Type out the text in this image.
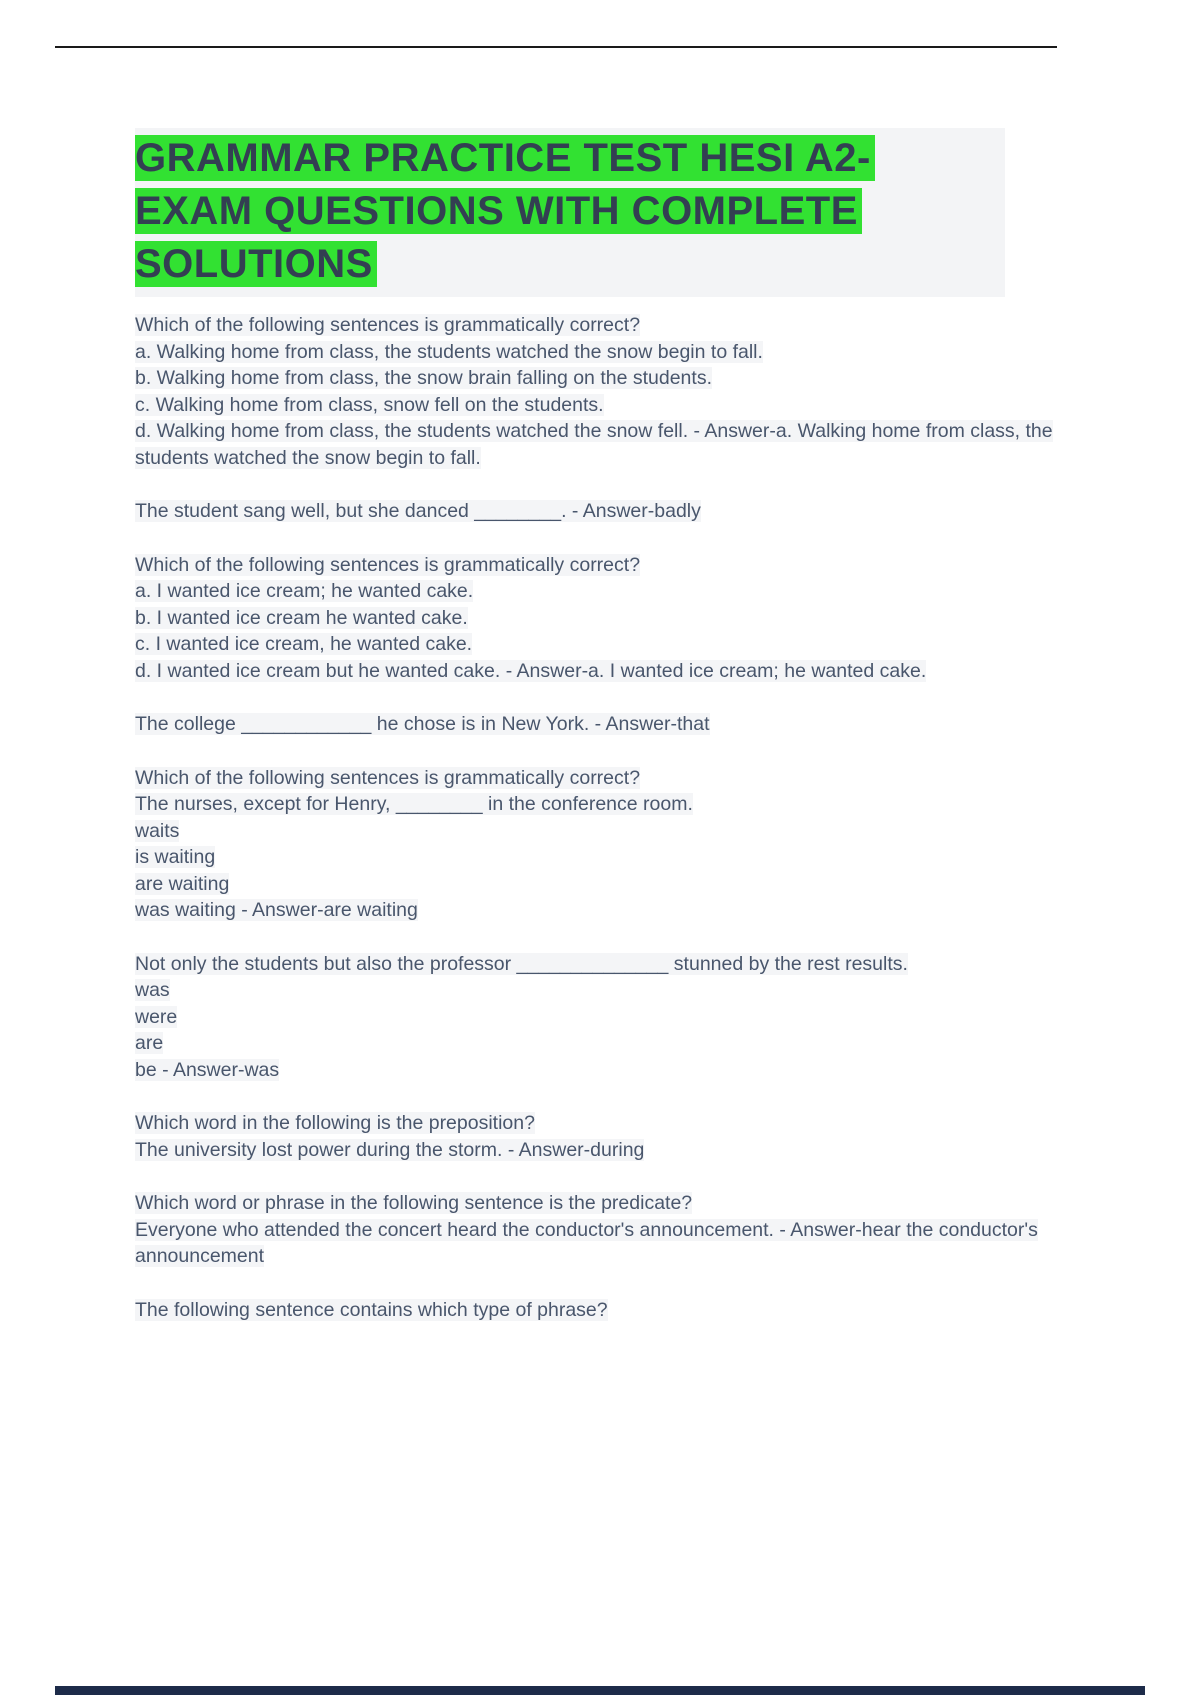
GRAMMAR PRACTICE TEST HESI A2-
EXAM QUESTIONS WITH COMPLETE
SOLUTIONS
Which of the following sentences is grammatically correct?
a. Walking home from class, the students watched the snow begin to fall.
b. Walking home from class, the snow brain falling on the students.
c. Walking home from class, snow fell on the students.
d. Walking home from class, the students watched the snow fell. - Answer-a. Walking home from class, the students watched the snow begin to fall.
The student sang well, but she danced ________. - Answer-badly
Which of the following sentences is grammatically correct?
a. I wanted ice cream; he wanted cake.
b. I wanted ice cream he wanted cake.
c. I wanted ice cream, he wanted cake.
d. I wanted ice cream but he wanted cake. - Answer-a. I wanted ice cream; he wanted cake.
The college ____________ he chose is in New York. - Answer-that
Which of the following sentences is grammatically correct?
The nurses, except for Henry, ________ in the conference room.
waits
is waiting
are waiting
was waiting - Answer-are waiting
Not only the students but also the professor ______________ stunned by the rest results.
was
were
are
be - Answer-was
Which word in the following is the preposition?
The university lost power during the storm. - Answer-during
Which word or phrase in the following sentence is the predicate?
Everyone who attended the concert heard the conductor's announcement. - Answer-hear the conductor's announcement
The following sentence contains which type of phrase?
